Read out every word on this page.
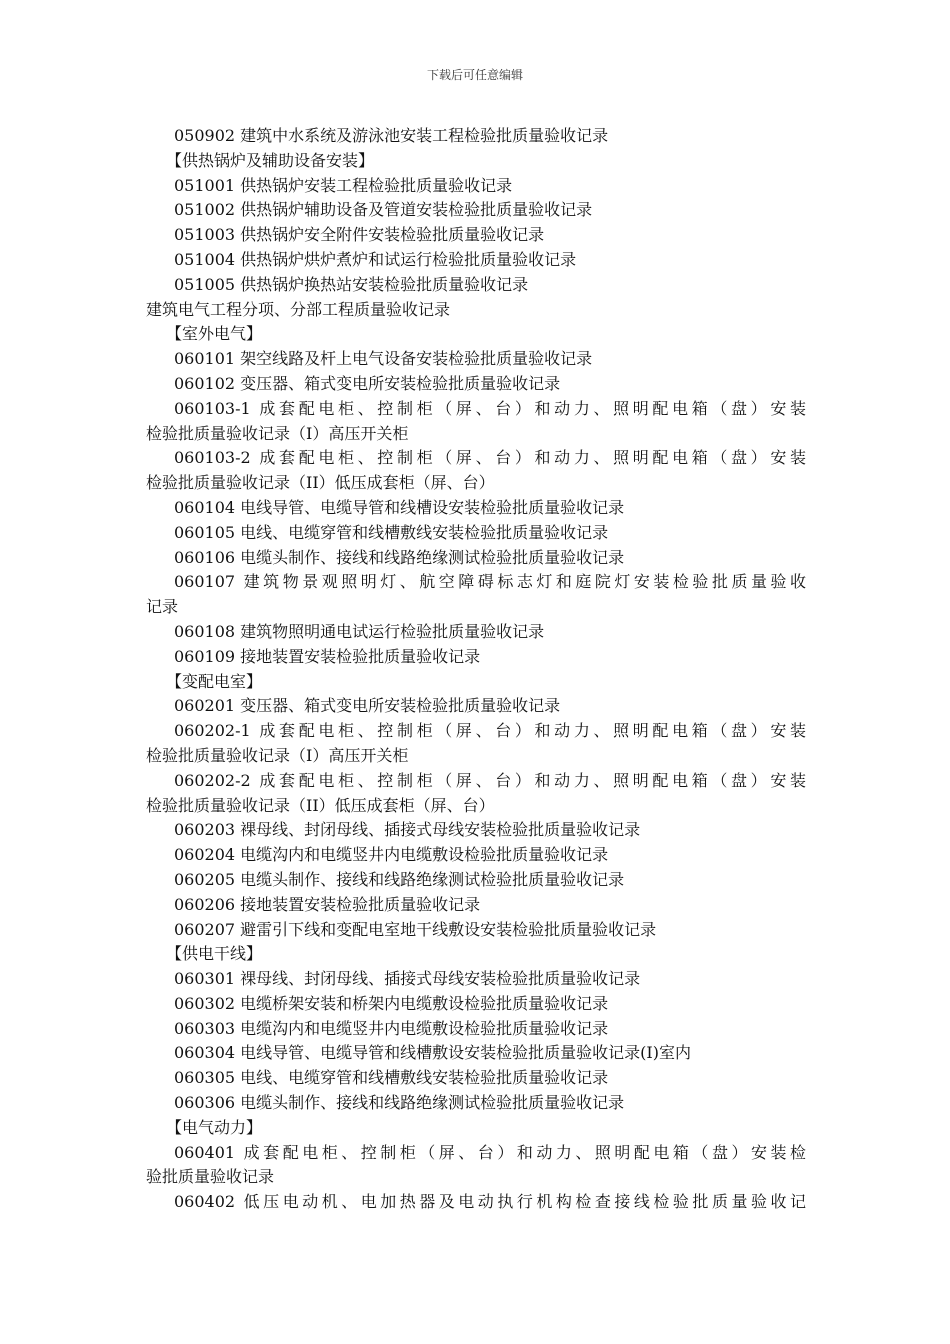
下载后可任意编辑
050902 建筑中水系统及游泳池安装工程检验批质量验收记录
【供热锅炉及辅助设备安装】
051001 供热锅炉安装工程检验批质量验收记录
051002 供热锅炉辅助设备及管道安装检验批质量验收记录
051003 供热锅炉安全附件安装检验批质量验收记录
051004 供热锅炉烘炉煮炉和试运行检验批质量验收记录
051005 供热锅炉换热站安装检验批质量验收记录
建筑电气工程分项、分部工程质量验收记录
【室外电气】
060101 架空线路及杆上电气设备安装检验批质量验收记录
060102 变压器、箱式变电所安装检验批质量验收记录
060103-1 成套配电柜、控制柜（屏、台）和动力、照明配电箱（盘）安装
检验批质量验收记录（I）高压开关柜
060103-2 成套配电柜、控制柜（屏、台）和动力、照明配电箱（盘）安装
检验批质量验收记录（II）低压成套柜（屏、台）
060104 电线导管、电缆导管和线槽设安装检验批质量验收记录
060105 电线、电缆穿管和线槽敷线安装检验批质量验收记录
060106 电缆头制作、接线和线路绝缘测试检验批质量验收记录
060107 建筑物景观照明灯、航空障碍标志灯和庭院灯安装检验批质量验收
记录
060108 建筑物照明通电试运行检验批质量验收记录
060109 接地装置安装检验批质量验收记录
【变配电室】
060201 变压器、箱式变电所安装检验批质量验收记录
060202-1 成套配电柜、控制柜（屏、台）和动力、照明配电箱（盘）安装
检验批质量验收记录（I）高压开关柜
060202-2 成套配电柜、控制柜（屏、台）和动力、照明配电箱（盘）安装
检验批质量验收记录（II）低压成套柜（屏、台）
060203 裸母线、封闭母线、插接式母线安装检验批质量验收记录
060204 电缆沟内和电缆竖井内电缆敷设检验批质量验收记录
060205 电缆头制作、接线和线路绝缘测试检验批质量验收记录
060206 接地装置安装检验批质量验收记录
060207 避雷引下线和变配电室地干线敷设安装检验批质量验收记录
【供电干线】
060301 裸母线、封闭母线、插接式母线安装检验批质量验收记录
060302 电缆桥架安装和桥架内电缆敷设检验批质量验收记录
060303 电缆沟内和电缆竖井内电缆敷设检验批质量验收记录
060304 电线导管、电缆导管和线槽敷设安装检验批质量验收记录(I)室内
060305 电线、电缆穿管和线槽敷线安装检验批质量验收记录
060306 电缆头制作、接线和线路绝缘测试检验批质量验收记录
【电气动力】
060401 成套配电柜、控制柜（屏、台）和动力、照明配电箱（盘）安装检
验批质量验收记录
060402 低压电动机、电加热器及电动执行机构检查接线检验批质量验收记
